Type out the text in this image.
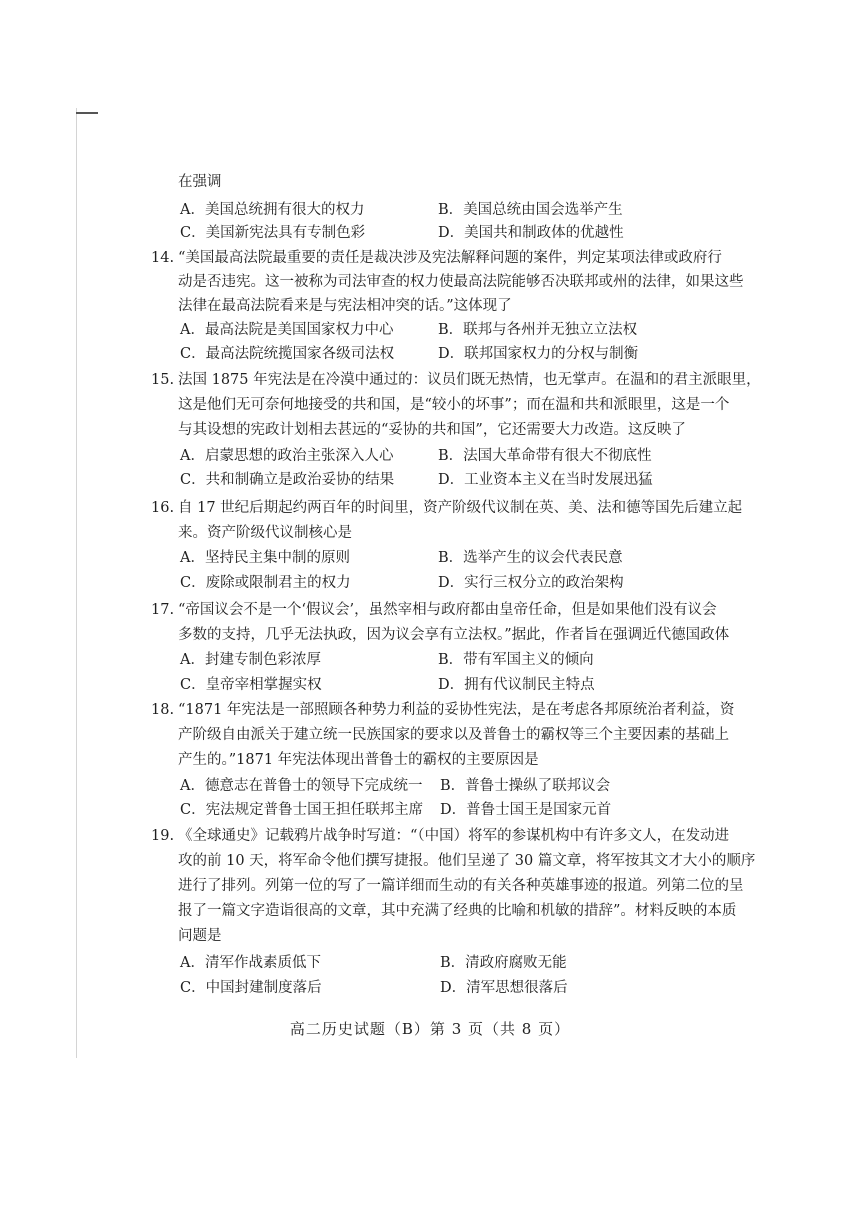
在强调
A．美国总统拥有很大的权力	B．美国总统由国会选举产生
C．美国新宪法具有专制色彩	D．美国共和制政体的优越性
14. “美国最高法院最重要的责任是裁决涉及宪法解释问题的案件，判定某项法律或政府行
动是否违宪。这一被称为司法审查的权力使最高法院能够否决联邦或州的法律，如果这些
法律在最高法院看来是与宪法相冲突的话。”这体现了
A．最高法院是美国国家权力中心	B．联邦与各州并无独立立法权
C．最高法院统揽国家各级司法权	D．联邦国家权力的分权与制衡
15. 法国 1875 年宪法是在冷漠中通过的：议员们既无热情，也无掌声。在温和的君主派眼里，
这是他们无可奈何地接受的共和国，是“较小的坏事”；而在温和共和派眼里，这是一个
与其设想的宪政计划相去甚远的“妥协的共和国”，它还需要大力改造。这反映了
A．启蒙思想的政治主张深入人心	B．法国大革命带有很大不彻底性
C．共和制确立是政治妥协的结果	D．工业资本主义在当时发展迅猛
16. 自 17 世纪后期起约两百年的时间里，资产阶级代议制在英、美、法和德等国先后建立起
来。资产阶级代议制核心是
A．坚持民主集中制的原则	B．选举产生的议会代表民意
C．废除或限制君主的权力	D．实行三权分立的政治架构
17. “帝国议会不是一个‘假议会’，虽然宰相与政府都由皇帝任命，但是如果他们没有议会
多数的支持，几乎无法执政，因为议会享有立法权。”据此，作者旨在强调近代德国政体
A．封建专制色彩浓厚	B．带有军国主义的倾向
C．皇帝宰相掌握实权	D．拥有代议制民主特点
18. “1871 年宪法是一部照顾各种势力利益的妥协性宪法，是在考虑各邦原统治者利益，资
产阶级自由派关于建立统一民族国家的要求以及普鲁士的霸权等三个主要因素的基础上
产生的。”1871 年宪法体现出普鲁士的霸权的主要原因是
A．德意志在普鲁士的领导下完成统一 B．普鲁士操纵了联邦议会
C．宪法规定普鲁士国王担任联邦主席 D．普鲁士国王是国家元首
19. 《全球通史》记载鸦片战争时写道：“（中国）将军的参谋机构中有许多文人，在发动进
攻的前 10 天，将军命令他们撰写捷报。他们呈递了 30 篇文章，将军按其文才大小的顺序
进行了排列。列第一位的写了一篇详细而生动的有关各种英雄事迹的报道。列第二位的呈
报了一篇文字造诣很高的文章，其中充满了经典的比喻和机敏的措辞”。材料反映的本质
问题是
A．清军作战素质低下	B．清政府腐败无能
C．中国封建制度落后	D．清军思想很落后
高二历史试题（B）第 3 页（共 8 页）
